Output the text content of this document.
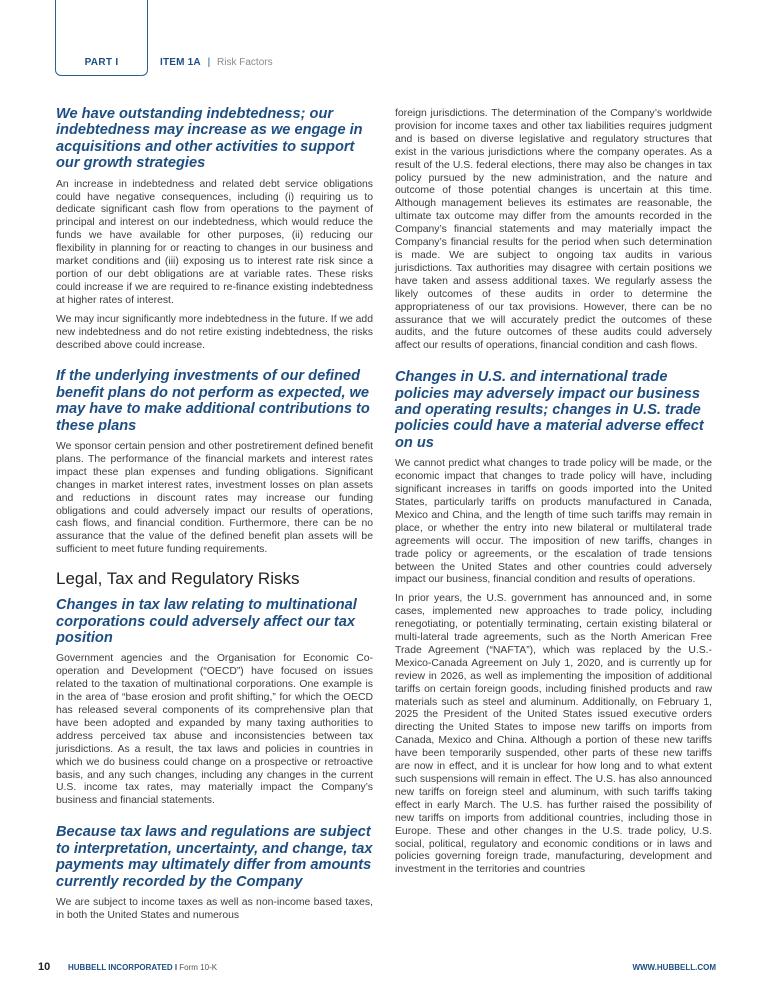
PART I	ITEM 1A | Risk Factors
We have outstanding indebtedness; our indebtedness may increase as we engage in acquisitions and other activities to support our growth strategies

An increase in indebtedness and related debt service obligations could have negative consequences, including (i) requiring us to dedicate significant cash flow from operations to the payment of principal and interest on our indebtedness, which would reduce the funds we have available for other purposes, (ii) reducing our flexibility in planning for or reacting to changes in our business and market conditions and (iii) exposing us to interest rate risk since a portion of our debt obligations are at variable rates. These risks could increase if we are required to re-finance existing indebtedness at higher rates of interest.

We may incur significantly more indebtedness in the future. If we add new indebtedness and do not retire existing indebtedness, the risks described above could increase.

If the underlying investments of our defined benefit plans do not perform as expected, we may have to make additional contributions to these plans

We sponsor certain pension and other postretirement defined benefit plans. The performance of the financial markets and interest rates impact these plan expenses and funding obligations. Significant changes in market interest rates, investment losses on plan assets and reductions in discount rates may increase our funding obligations and could adversely impact our results of operations, cash flows, and financial condition. Furthermore, there can be no assurance that the value of the defined benefit plan assets will be sufficient to meet future funding requirements.

Legal, Tax and Regulatory Risks
Changes in tax law relating to multinational corporations could adversely affect our tax position

Government agencies and the Organisation for Economic Co-operation and Development (“OECD”) have focused on issues related to the taxation of multinational corporations. One example is in the area of “base erosion and profit shifting,” for which the OECD has released several components of its comprehensive plan that have been adopted and expanded by many taxing authorities to address perceived tax abuse and inconsistencies between tax jurisdictions. As a result, the tax laws and policies in countries in which we do business could change on a prospective or retroactive basis, and any such changes, including any changes in the current U.S. income tax rates, may materially impact the Company’s business and financial statements.

Because tax laws and regulations are subject to interpretation, uncertainty, and change, tax payments may ultimately differ from amounts currently recorded by the Company

We are subject to income taxes as well as non-income based taxes, in both the United States and numerous

foreign jurisdictions. The determination of the Company’s worldwide provision for income taxes and other tax liabilities requires judgment and is based on diverse legislative and regulatory structures that exist in the various jurisdictions where the company operates. As a result of the U.S. federal elections, there may also be changes in tax policy pursued by the new administration, and the nature and outcome of those potential changes is uncertain at this time. Although management believes its estimates are reasonable, the ultimate tax outcome may differ from the amounts recorded in the Company’s financial statements and may materially impact the Company’s financial results for the period when such determination is made. We are subject to ongoing tax audits in various jurisdictions. Tax authorities may disagree with certain positions we have taken and assess additional taxes. We regularly assess the likely outcomes of these audits in order to determine the appropriateness of our tax provisions. However, there can be no assurance that we will accurately predict the outcomes of these audits, and the future outcomes of these audits could adversely affect our results of operations, financial condition and cash flows.

Changes in U.S. and international trade policies may adversely impact our business and operating results; changes in U.S. trade policies could have a material adverse effect on us

We cannot predict what changes to trade policy will be made, or the economic impact that changes to trade policy will have, including significant increases in tariffs on goods imported into the United States, particularly tariffs on products manufactured in Canada, Mexico and China, and the length of time such tariffs may remain in place, or whether the entry into new bilateral or multilateral trade agreements will occur. The imposition of new tariffs, changes in trade policy or agreements, or the escalation of trade tensions between the United States and other countries could adversely impact our business, financial condition and results of operations.

In prior years, the U.S. government has announced and, in some cases, implemented new approaches to trade policy, including renegotiating, or potentially terminating, certain existing bilateral or multi-lateral trade agreements, such as the North American Free Trade Agreement (“NAFTA”), which was replaced by the U.S.-Mexico-Canada Agreement on July 1, 2020, and is currently up for review in 2026, as well as implementing the imposition of additional tariffs on certain foreign goods, including finished products and raw materials such as steel and aluminum. Additionally, on February 1, 2025 the President of the United States issued executive orders directing the United States to impose new tariffs on imports from Canada, Mexico and China. Although a portion of these new tariffs have been temporarily suspended, other parts of these new tariffs are now in effect, and it is unclear for how long and to what extent such suspensions will remain in effect. The U.S. has also announced new tariffs on foreign steel and aluminum, with such tariffs taking effect in early March. The U.S. has further raised the possibility of new tariffs on imports from additional countries, including those in Europe. These and other changes in the U.S. trade policy, U.S. social, political, regulatory and economic conditions or in laws and policies governing foreign trade, manufacturing, development and investment in the territories and countries

10 HUBBELL INCORPORATED I Form 10-K	WWW.HUBBELL.COM
